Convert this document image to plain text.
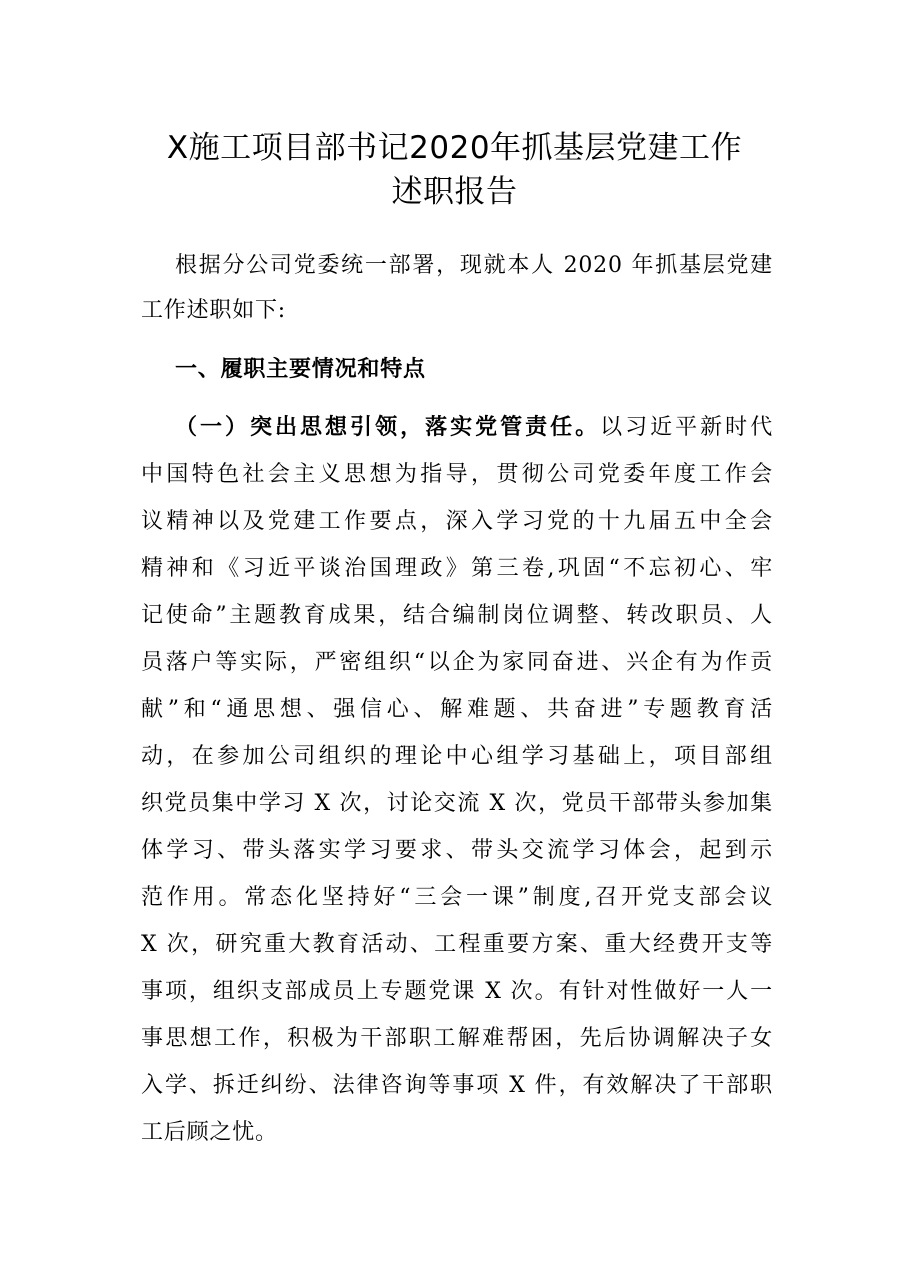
X施工项目部书记2020年抓基层党建工作
述职报告
根据分公司党委统一部署，现就本人 2020 年抓基层党建
工作述职如下:
一、履职主要情况和特点
（一）突出思想引领，落实党管责任。以习近平新时代
中国特色社会主义思想为指导，贯彻公司党委年度工作会
议精神以及党建工作要点，深入学习党的十九届五中全会
精神和《习近平谈治国理政》第三卷,巩固“不忘初心、牢
记使命”主题教育成果，结合编制岗位调整、转改职员、人
员落户等实际，严密组织“以企为家同奋进、兴企有为作贡
献”和“通思想、强信心、解难题、共奋进”专题教育活
动，在参加公司组织的理论中心组学习基础上，项目部组
织党员集中学习 X 次，讨论交流 X 次，党员干部带头参加集
体学习、带头落实学习要求、带头交流学习体会，起到示
范作用。常态化坚持好“三会一课”制度,召开党支部会议
X 次，研究重大教育活动、工程重要方案、重大经费开支等
事项，组织支部成员上专题党课 X 次。有针对性做好一人一
事思想工作，积极为干部职工解难帮困，先后协调解决子女
入学、拆迁纠纷、法律咨询等事项 X 件，有效解决了干部职
工后顾之忧。
